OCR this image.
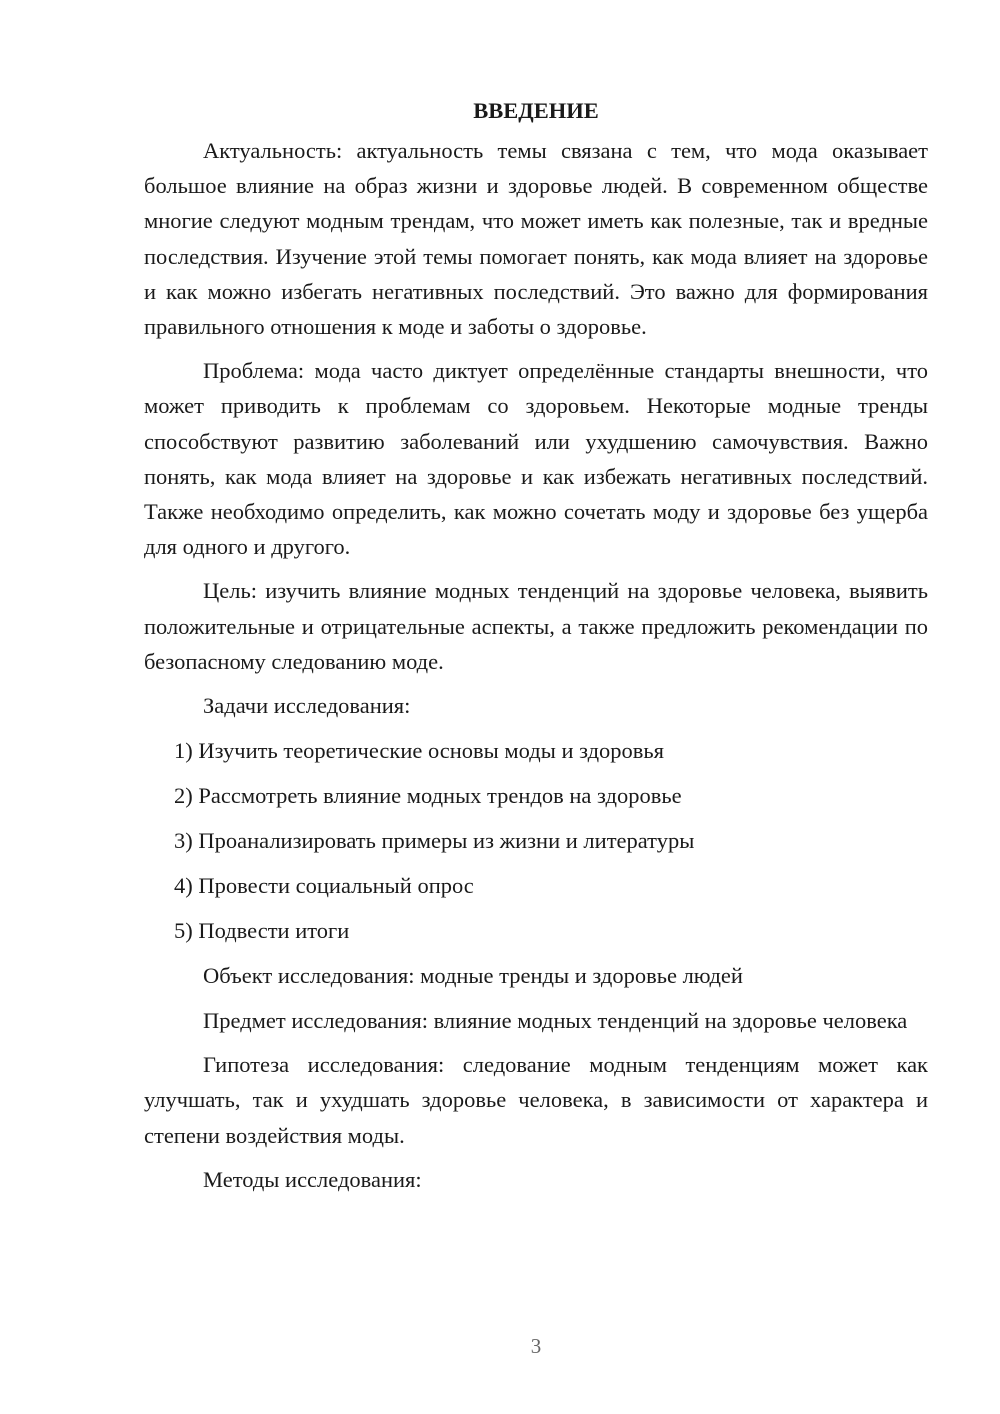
ВВЕДЕНИЕ

Актуальность: актуальность темы связана с тем, что мода оказывает большое влияние на образ жизни и здоровье людей. В современном обществе многие следуют модным трендам, что может иметь как полезные, так и вредные последствия. Изучение этой темы помогает понять, как мода влияет на здоровье и как можно избегать негативных последствий. Это важно для формирования правильного отношения к моде и заботы о здоровье.

Проблема: мода часто диктует определённые стандарты внешности, что может приводить к проблемам со здоровьем. Некоторые модные тренды способствуют развитию заболеваний или ухудшению самочувствия. Важно понять, как мода влияет на здоровье и как избежать негативных последствий. Также необходимо определить, как можно сочетать моду и здоровье без ущерба для одного и другого.

Цель: изучить влияние модных тенденций на здоровье человека, выявить положительные и отрицательные аспекты, а также предложить рекомендации по безопасному следованию моде.

Задачи исследования:

1) Изучить теоретические основы моды и здоровья
2) Рассмотреть влияние модных трендов на здоровье
3) Проанализировать примеры из жизни и литературы
4) Провести социальный опрос
5) Подвести итоги

Объект исследования: модные тренды и здоровье людей

Предмет исследования: влияние модных тенденций на здоровье человека

Гипотеза исследования: следование модным тенденциям может как улучшать, так и ухудшать здоровье человека, в зависимости от характера и степени воздействия моды.

Методы исследования:

3
